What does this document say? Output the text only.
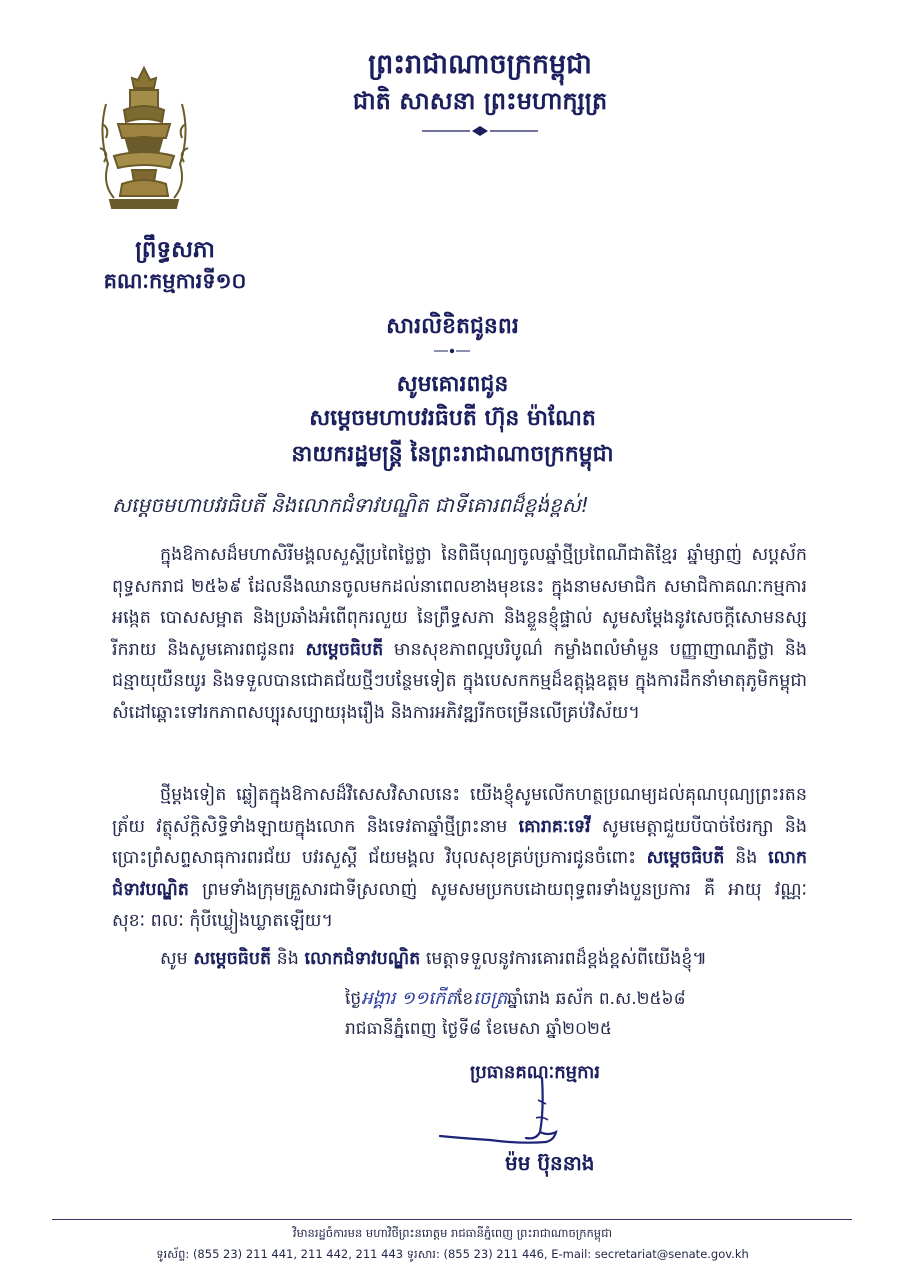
ព្រឹទ្ធសភា
គណៈកម្មការទី១០
ព្រះរាជាណាចក្រកម្ពុជា
ជាតិ សាសនា ព្រះមហាក្សត្រ
សារលិខិតជូនពរ
សូមគោរពជូន
សម្ដេចមហាបវរធិបតី ហ៊ុន ម៉ាណែត
នាយករដ្ឋមន្ត្រី នៃព្រះរាជាណាចក្រកម្ពុជា
សម្ដេចមហាបវរធិបតី និងលោកជំទាវបណ្ឌិត ជាទីគោរពដ៏ខ្ពង់ខ្ពស់!
ក្នុងឱកាសដ៏មហាសិរីមង្គលសួស្តីប្រពៃថ្លៃថ្លា នៃពិធីបុណ្យចូលឆ្នាំថ្មីប្រពៃណីជាតិខ្មែរ ឆ្នាំម្សាញ់ សប្តស័ក ពុទ្ធសករាជ ២៥៦៩ ដែលនឹងឈានចូលមកដល់នាពេលខាងមុខនេះ ក្នុងនាមសមាជិក សមាជិកាគណៈកម្មការអង្កេត បោសសម្អាត និងប្រឆាំងអំពើពុករលួយ នៃព្រឹទ្ធសភា និងខ្លួនខ្ញុំផ្ទាល់ សូមសម្តែងនូវសេចក្តីសោមនស្សរីករាយ និងសូមគោរពជូនពរ សម្ដេចធិបតី មានសុខភាពល្អបរិបូណ៌ កម្លាំងពលំមាំមួន បញ្ញាញាណភ្លឺថ្លា និងជន្មាយុយឺនយូរ និងទទួលបានជោគជ័យថ្មីៗបន្ថែមទៀត ក្នុងបេសកកម្មដ៏ឧត្តុង្គឧត្តម ក្នុងការដឹកនាំមាតុភូមិកម្ពុជា សំដៅឆ្ពោះទៅរកភាពសប្បុរសប្បាយរុងរឿង និងការអភិវឌ្ឍរីកចម្រើនលើគ្រប់វិស័យ។
ថ្មីម្តងទៀត ឆ្លៀតក្នុងឱកាសដ៏វិសេសវិសាលនេះ យើងខ្ញុំសូមលើកហត្ថប្រណម្យដល់គុណបុណ្យព្រះរតនត្រ័យ វត្ថុស័ក្តិសិទ្ធិទាំងឡាយក្នុងលោក និងទេវតាឆ្នាំថ្មីព្រះនាម គោរាគៈទេវី សូមមេត្តាជួយបីបាច់ថែរក្សា និងប្រោះព្រំសព្ទសាធុការពរជ័យ បវរសួស្តី ជ័យមង្គល វិបុលសុខគ្រប់ប្រការជូនចំពោះ សម្ដេចធិបតី និង លោកជំទាវបណ្ឌិត ព្រមទាំងក្រុមគ្រួសារជាទីស្រលាញ់ សូមសមប្រកបដោយពុទ្ធពរទាំងបួនប្រការ គឺ អាយុ វណ្ណៈ សុខៈ ពលៈ កុំបីឃ្លៀងឃ្លាតឡើយ។
សូម សម្ដេចធិបតី និង លោកជំទាវបណ្ឌិត មេត្តាទទួលនូវការគោរពដ៏ខ្ពង់ខ្ពស់ពីយើងខ្ញុំ៕
ថ្ងៃអង្គារ ១១កើតខែចេត្រឆ្នាំរោង ឆស័ក ព.ស.២៥៦៨
រាជធានីភ្នំពេញ ថ្ងៃទី៨ ខែមេសា ឆ្នាំ២០២៥
ប្រធានគណៈកម្មការ
ម៉ម ប៊ុននាង
វិមានរដ្ឋចំការមន មហាវិថីព្រះនរោត្តម រាជធានីភ្នំពេញ ព្រះរាជាណាចក្រកម្ពុជា
ទូរស័ព្ទ: (855 23) 211 441, 211 442, 211 443 ទូរសារ: (855 23) 211 446, E-mail: secretariat@senate.gov.kh
